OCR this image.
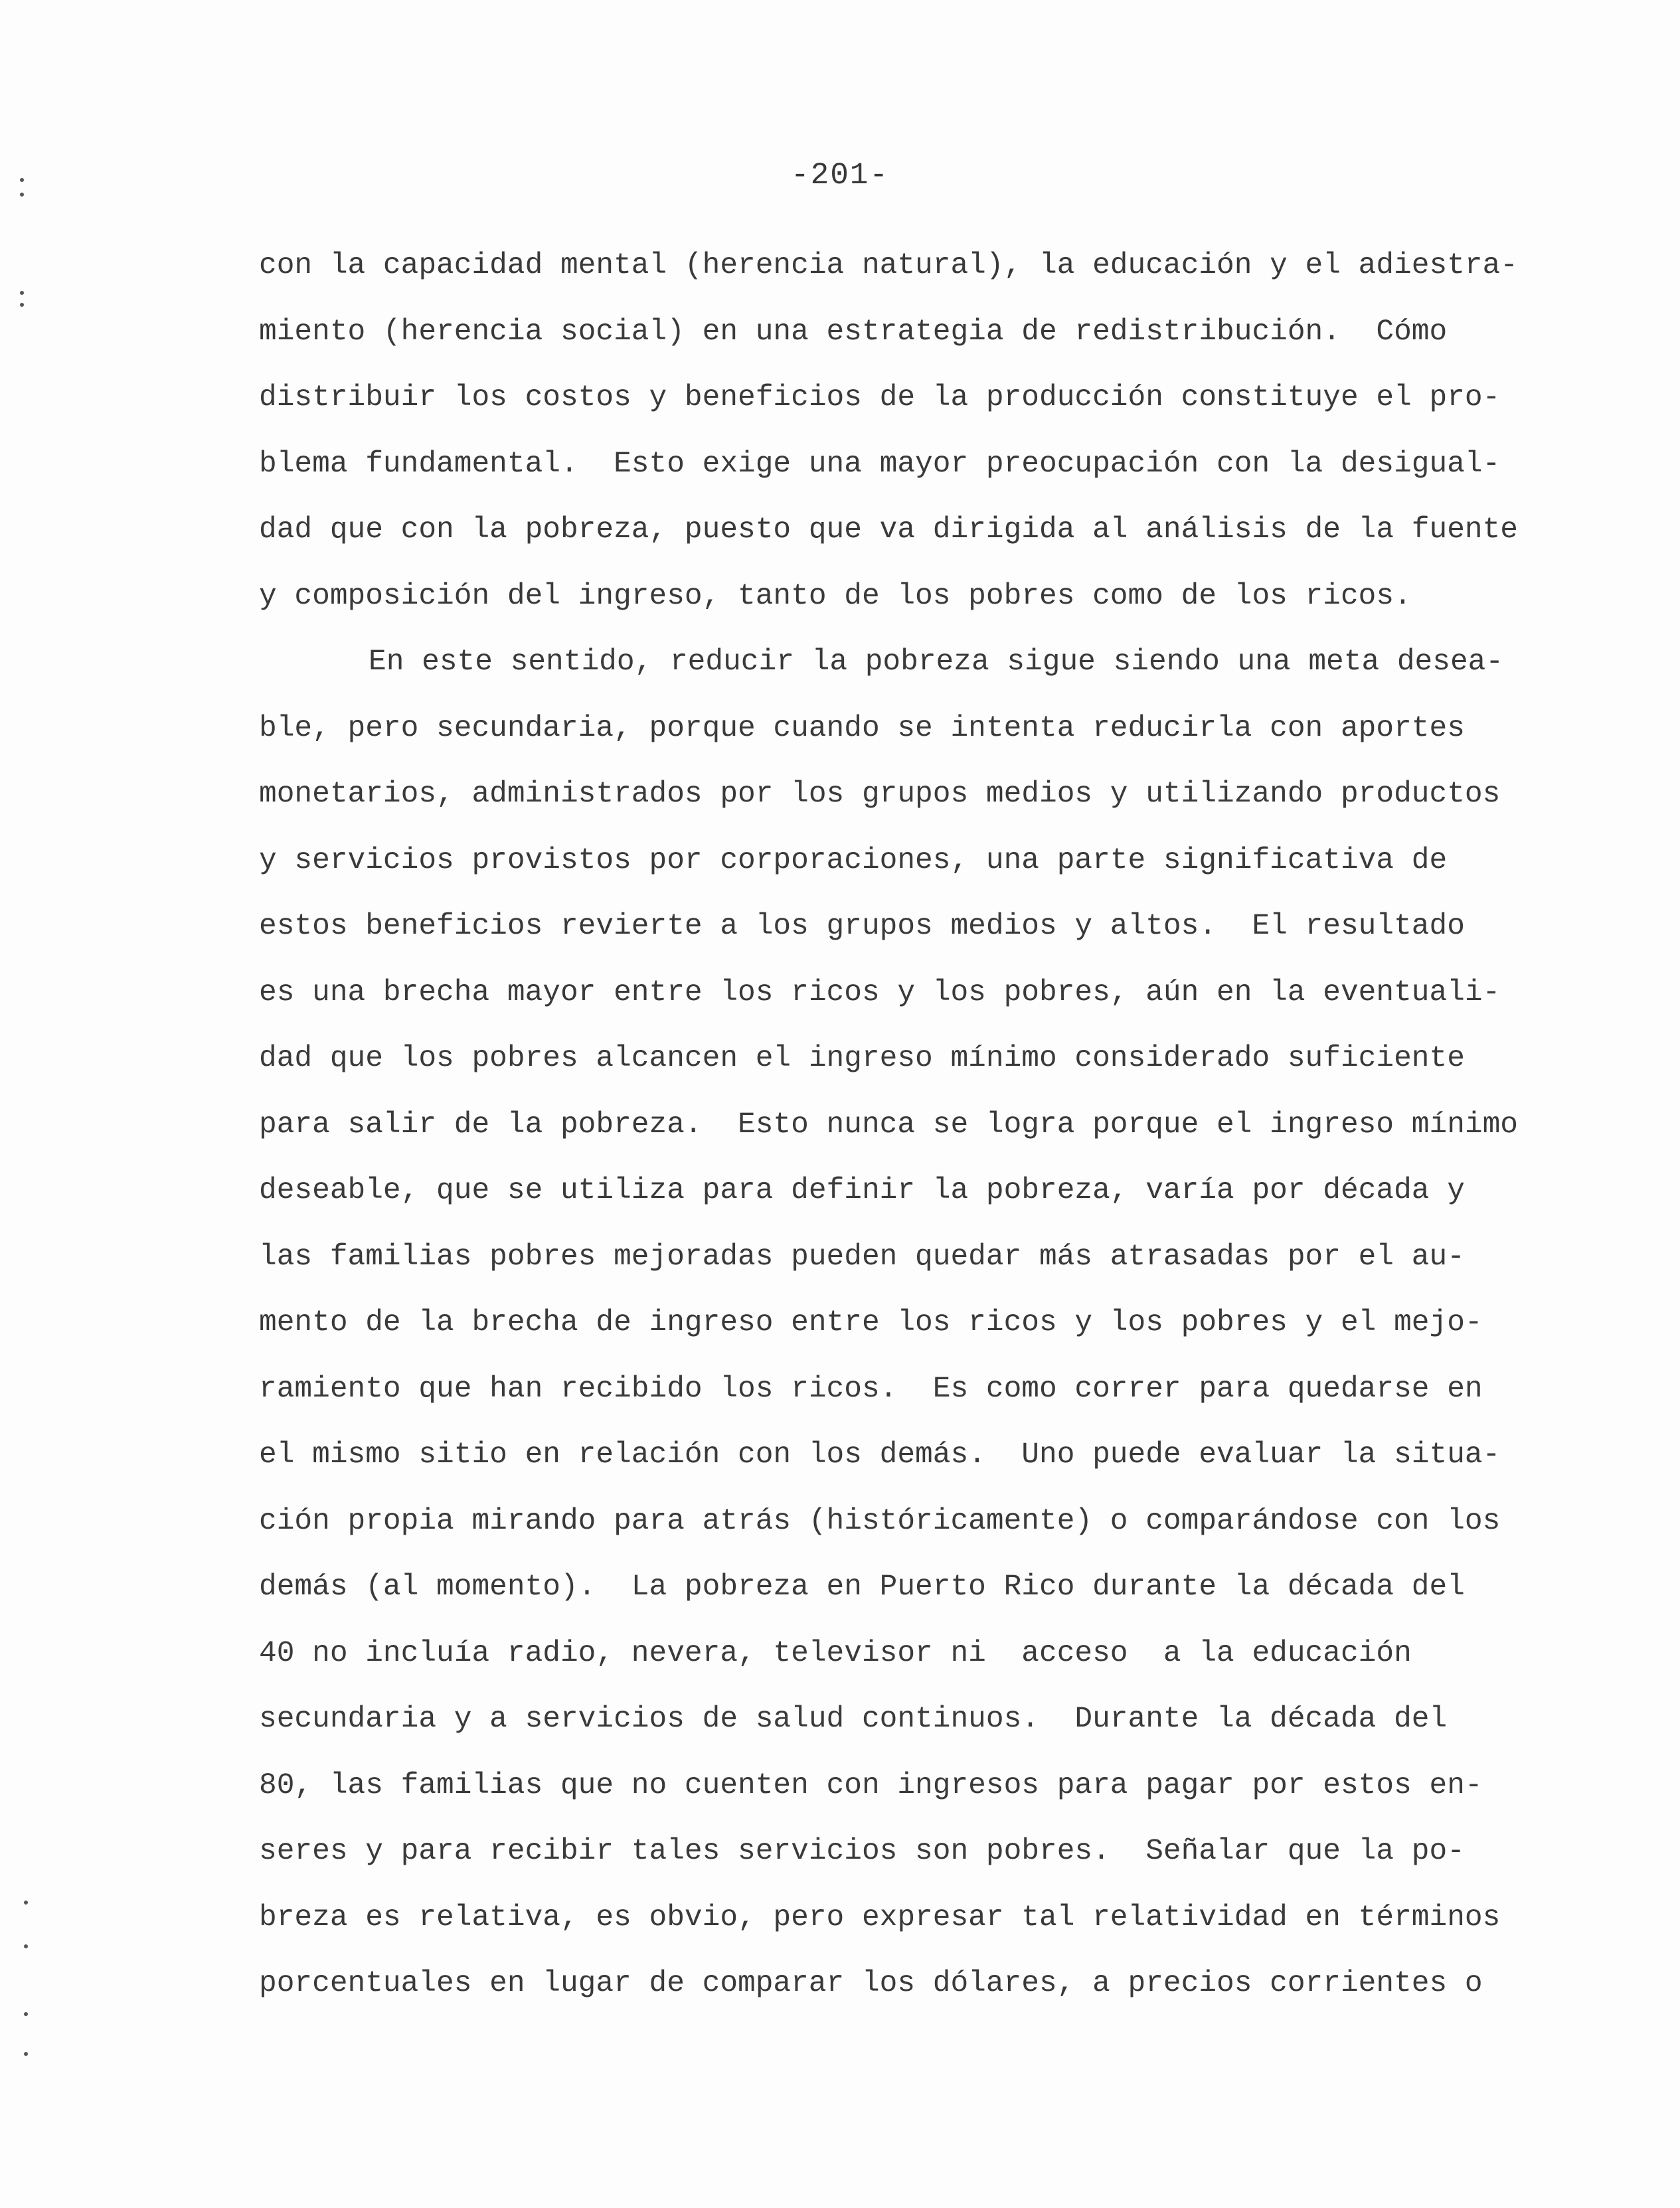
-201-
con la capacidad mental (herencia natural), la educación y el adiestra-
miento (herencia social) en una estrategia de redistribución.  Cómo
distribuir los costos y beneficios de la producción constituye el pro-
blema fundamental.  Esto exige una mayor preocupación con la desigual-
dad que con la pobreza, puesto que va dirigida al análisis de la fuente
y composición del ingreso, tanto de los pobres como de los ricos.
En este sentido, reducir la pobreza sigue siendo una meta desea-
ble, pero secundaria, porque cuando se intenta reducirla con aportes
monetarios, administrados por los grupos medios y utilizando productos
y servicios provistos por corporaciones, una parte significativa de
estos beneficios revierte a los grupos medios y altos.  El resultado
es una brecha mayor entre los ricos y los pobres, aún en la eventuali-
dad que los pobres alcancen el ingreso mínimo considerado suficiente
para salir de la pobreza.  Esto nunca se logra porque el ingreso mínimo
deseable, que se utiliza para definir la pobreza, varía por década y
las familias pobres mejoradas pueden quedar más atrasadas por el au-
mento de la brecha de ingreso entre los ricos y los pobres y el mejo-
ramiento que han recibido los ricos.  Es como correr para quedarse en
el mismo sitio en relación con los demás.  Uno puede evaluar la situa-
ción propia mirando para atrás (históricamente) o comparándose con los
demás (al momento).  La pobreza en Puerto Rico durante la década del
40 no incluía radio, nevera, televisor ni  acceso  a la educación
secundaria y a servicios de salud continuos.  Durante la década del
80, las familias que no cuenten con ingresos para pagar por estos en-
seres y para recibir tales servicios son pobres.  Señalar que la po-
breza es relativa, es obvio, pero expresar tal relatividad en términos
porcentuales en lugar de comparar los dólares, a precios corrientes o
